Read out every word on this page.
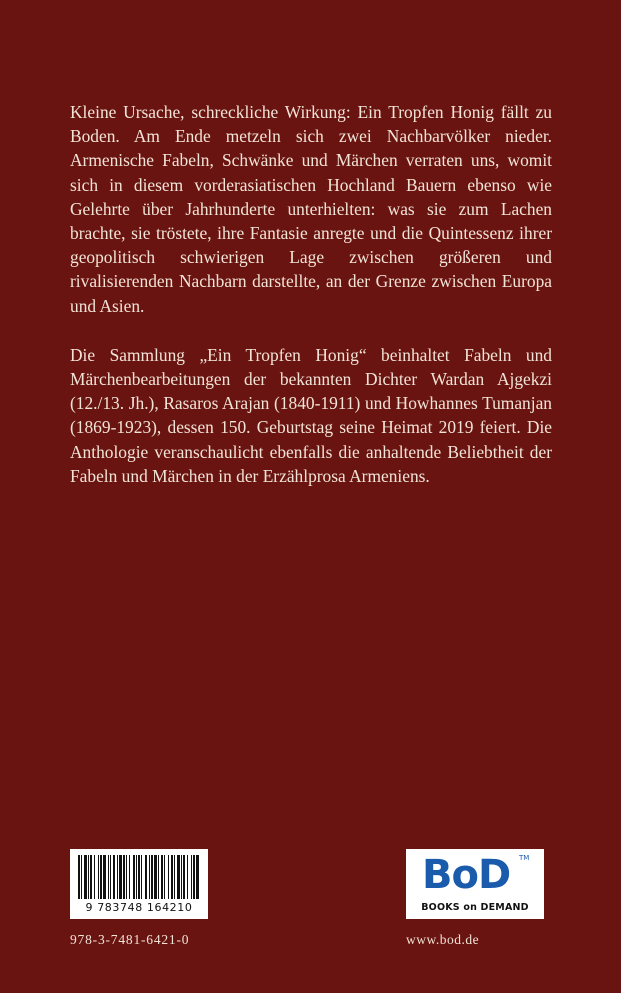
Kleine Ursache, schreckliche Wirkung: Ein Tropfen Honig fällt zu Boden. Am Ende metzeln sich zwei Nachbarvölker nieder. Armenische Fabeln, Schwänke und Märchen verraten uns, womit sich in diesem vorderasiatischen Hochland Bauern ebenso wie Gelehrte über Jahrhunderte unterhielten: was sie zum Lachen brachte, sie tröstete, ihre Fantasie anregte und die Quintessenz ihrer geopolitisch schwierigen Lage zwischen größeren und rivalisierenden Nachbarn darstellte, an der Grenze zwischen Europa und Asien.

Die Sammlung „Ein Tropfen Honig“ beinhaltet Fabeln und Märchenbearbeitungen der bekannten Dichter Wardan Ajgekzi (12./13. Jh.), Rasaros Arajan (1840-1911) und Howhannes Tumanjan (1869-1923), dessen 150. Geburtstag seine Heimat 2019 feiert. Die Anthologie veranschaulicht ebenfalls die anhaltende Beliebtheit der Fabeln und Märchen in der Erzählprosa Armeniens.

9 783748 164210
978-3-7481-6421-0
BoD TM
BOOKS on DEMAND
www.bod.de
